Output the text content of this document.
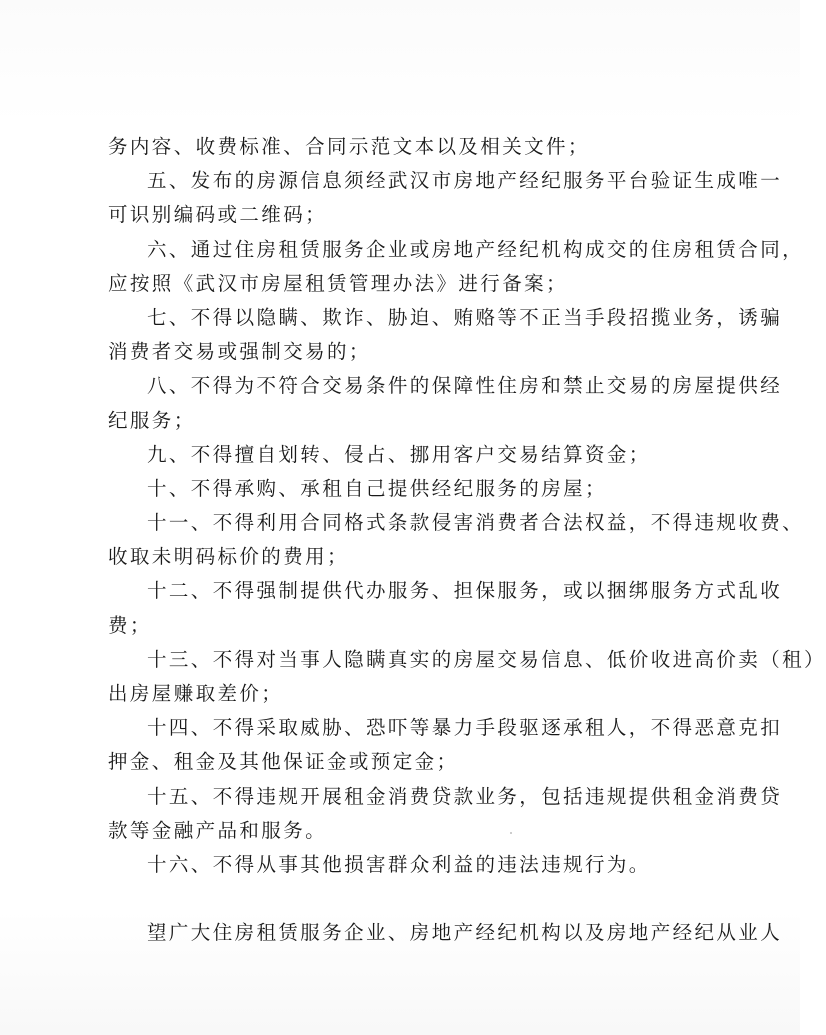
务内容、收费标准、合同示范文本以及相关文件；

五、发布的房源信息须经武汉市房地产经纪服务平台验证生成唯一
可识别编码或二维码；

六、通过住房租赁服务企业或房地产经纪机构成交的住房租赁合同，
应按照《武汉市房屋租赁管理办法》进行备案；

七、不得以隐瞒、欺诈、胁迫、贿赂等不正当手段招揽业务，诱骗
消费者交易或强制交易的；

八、不得为不符合交易条件的保障性住房和禁止交易的房屋提供经
纪服务；

九、不得擅自划转、侵占、挪用客户交易结算资金；

十、不得承购、承租自己提供经纪服务的房屋；

十一、不得利用合同格式条款侵害消费者合法权益，不得违规收费、
收取未明码标价的费用；

十二、不得强制提供代办服务、担保服务，或以捆绑服务方式乱收
费；

十三、不得对当事人隐瞒真实的房屋交易信息、低价收进高价卖（租）
出房屋赚取差价；

十四、不得采取威胁、恐吓等暴力手段驱逐承租人，不得恶意克扣
押金、租金及其他保证金或预定金；

十五、不得违规开展租金消费贷款业务，包括违规提供租金消费贷
款等金融产品和服务。

十六、不得从事其他损害群众利益的违法违规行为。

望广大住房租赁服务企业、房地产经纪机构以及房地产经纪从业人
